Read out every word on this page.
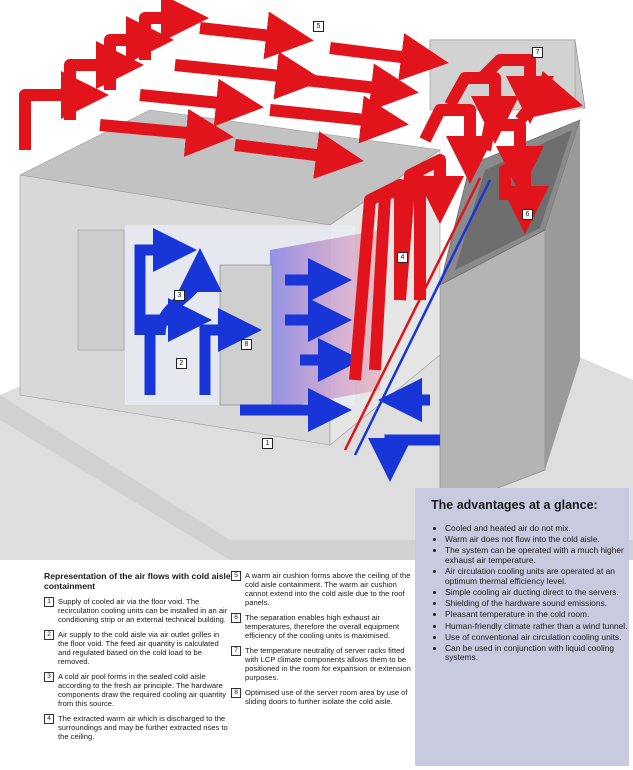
1
2
3
4
5
6
7
8
Representation of the air flows with cold aisle containment
1 Supply of cooled air via the floor void. The recirculation cooling units can be installed in an air conditioning strip or an external technical building.
2 Air supply to the cold aisle via air outlet grilles in the floor void. The feed air quantity is calculated and regulated based on the cold load to be removed.
3 A cold air pool forms in the sealed cold aisle according to the fresh air principle. The hardware components draw the required cooling air quantity from this source.
4 The extracted warm air which is discharged to the surroundings and may be further extracted rises to the ceiling.
5 A warm air cushion forms above the ceiling of the cold aisle containment. The warm air cushion cannot extend into the cold aisle due to the roof panels.
6 The separation enables high exhaust air temperatures, therefore the overall equipment efficiency of the cooling units is maximised.
7 The temperature neutrality of server racks fitted with LCP climate components allows them to be positioned in the room for expansion or extension purposes.
8 Optimised use of the server room area by use of sliding doors to further isolate the cold aisle.
The advantages at a glance:
• Cooled and heated air do not mix.
• Warm air does not flow into the cold aisle.
• The system can be operated with a much higher exhaust air temperature.
• Air circulation cooling units are operated at an optimum thermal efficiency level.
• Simple cooling air ducting direct to the servers.
• Shielding of the hardware sound emissions.
• Pleasant temperature in the cold room.
• Human-friendly climate rather than a wind tunnel.
• Use of conventional air circulation cooling units.
• Can be used in conjunction with liquid cooling systems.
